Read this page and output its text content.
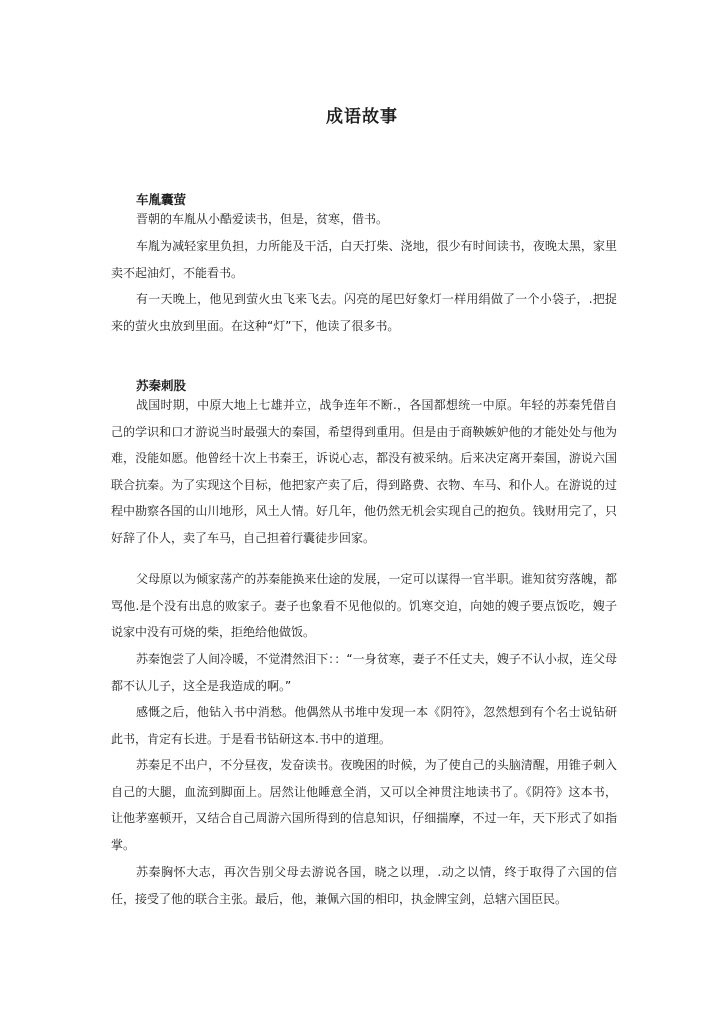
成语故事
车胤囊萤

晋朝的车胤从小酷爱读书，但是，贫寒，借书。

车胤为减轻家里负担，力所能及干活，白天打柴、浇地，很少有时间读书，夜晚太黑，家里卖不起油灯，不能看书。

有一天晚上，他见到萤火虫飞来飞去。闪亮的尾巴好象灯一样用绢做了一个小袋子，.把捉来的萤火虫放到里面。在这种“灯”下，他读了很多书。

苏秦刺股

战国时期，中原大地上七雄并立，战争连年不断.，各国都想统一中原。年轻的苏秦凭借自己的学识和口才游说当时最强大的秦国，希望得到重用。但是由于商鞅嫉妒他的才能处处与他为难，没能如愿。他曾经十次上书秦王，诉说心志，都没有被采纳。后来决定离开秦国，游说六国联合抗秦。为了实现这个目标，他把家产卖了后，得到路费、衣物、车马、和仆人。在游说的过程中勘察各国的山川地形，风土人情。好几年，他仍然无机会实现自己的抱负。钱财用完了，只好辞了仆人，卖了车马，自己担着行囊徒步回家。

父母原以为倾家荡产的苏秦能换来仕途的发展，一定可以谋得一官半职。谁知贫穷落魄，都骂他.是个没有出息的败家子。妻子也象看不见他似的。饥寒交迫，向她的嫂子要点饭吃，嫂子说家中没有可烧的柴，拒绝给他做饭。

苏秦饱尝了人间冷暖，不觉潸然泪下：：“一身贫寒，妻子不任丈夫，嫂子不认小叔，连父母都不认儿子，这全是我造成的啊。”

感慨之后，他钻入书中消愁。他偶然从书堆中发现一本《阴符》，忽然想到有个名士说钻研此书，肯定有长进。于是看书钻研这本.书中的道理。

苏秦足不出户，不分昼夜，发奋读书。夜晚困的时候，为了使自己的头脑清醒，用锥子刺入自己的大腿，血流到脚面上。居然让他睡意全消，又可以全神贯注地读书了。《阴符》这本书，让他茅塞顿开，又结合自己周游六国所得到的信息知识，仔细揣摩，不过一年，天下形式了如指掌。

苏秦胸怀大志，再次告别父母去游说各国，晓之以理，.动之以情，终于取得了六国的信任，接受了他的联合主张。最后，他，兼佩六国的相印，执金牌宝剑，总辖六国臣民。
